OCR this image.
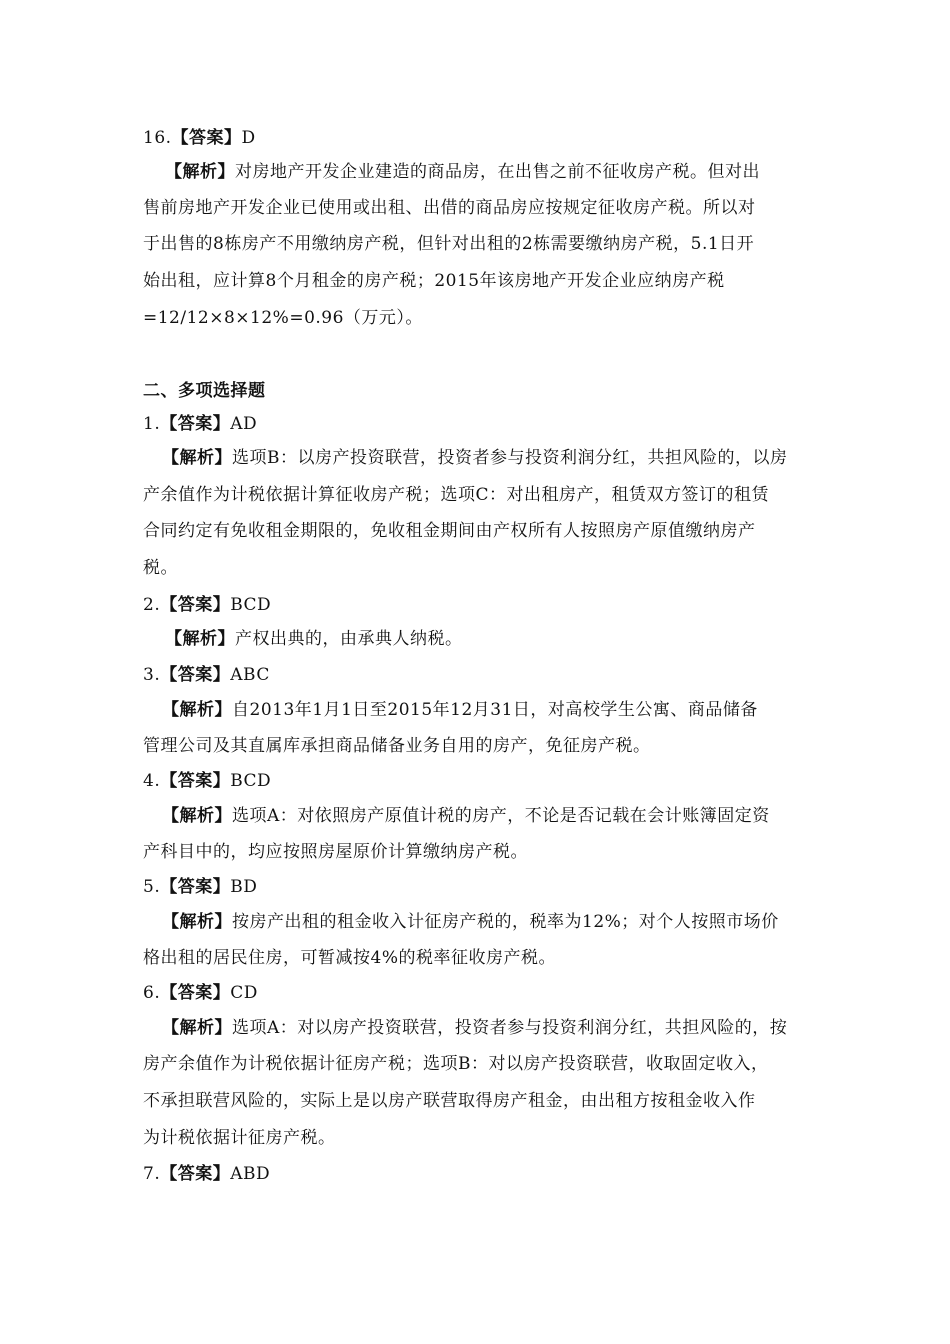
16.【答案】D
【解析】对房地产开发企业建造的商品房，在出售之前不征收房产税。但对出
售前房地产开发企业已使用或出租、出借的商品房应按规定征收房产税。所以对
于出售的8栋房产不用缴纳房产税，但针对出租的2栋需要缴纳房产税，5.1日开
始出租，应计算8个月租金的房产税；2015年该房地产开发企业应纳房产税
=12/12×8×12%=0.96（万元）。
二、多项选择题
1.【答案】AD
【解析】选项B：以房产投资联营，投资者参与投资利润分红，共担风险的，以房
产余值作为计税依据计算征收房产税；选项C：对出租房产，租赁双方签订的租赁
合同约定有免收租金期限的，免收租金期间由产权所有人按照房产原值缴纳房产
税。
2.【答案】BCD
【解析】产权出典的，由承典人纳税。
3.【答案】ABC
【解析】自2013年1月1日至2015年12月31日，对高校学生公寓、商品储备
管理公司及其直属库承担商品储备业务自用的房产，免征房产税。
4.【答案】BCD
【解析】选项A：对依照房产原值计税的房产，不论是否记载在会计账簿固定资
产科目中的，均应按照房屋原价计算缴纳房产税。
5.【答案】BD
【解析】按房产出租的租金收入计征房产税的，税率为12%；对个人按照市场价
格出租的居民住房，可暂减按4%的税率征收房产税。
6.【答案】CD
【解析】选项A：对以房产投资联营，投资者参与投资利润分红，共担风险的，按
房产余值作为计税依据计征房产税；选项B：对以房产投资联营，收取固定收入，
不承担联营风险的，实际上是以房产联营取得房产租金，由出租方按租金收入作
为计税依据计征房产税。
7.【答案】ABD
